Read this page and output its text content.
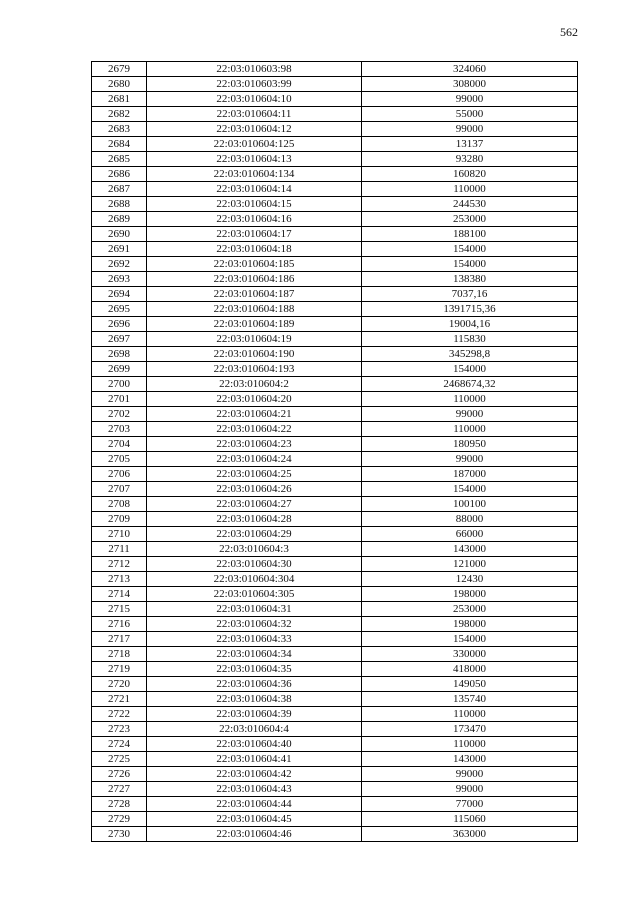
562
2679	22:03:010603:98	324060
2680	22:03:010603:99	308000
2681	22:03:010604:10	99000
2682	22:03:010604:11	55000
2683	22:03:010604:12	99000
2684	22:03:010604:125	13137
2685	22:03:010604:13	93280
2686	22:03:010604:134	160820
2687	22:03:010604:14	110000
2688	22:03:010604:15	244530
2689	22:03:010604:16	253000
2690	22:03:010604:17	188100
2691	22:03:010604:18	154000
2692	22:03:010604:185	154000
2693	22:03:010604:186	138380
2694	22:03:010604:187	7037,16
2695	22:03:010604:188	1391715,36
2696	22:03:010604:189	19004,16
2697	22:03:010604:19	115830
2698	22:03:010604:190	345298,8
2699	22:03:010604:193	154000
2700	22:03:010604:2	2468674,32
2701	22:03:010604:20	110000
2702	22:03:010604:21	99000
2703	22:03:010604:22	110000
2704	22:03:010604:23	180950
2705	22:03:010604:24	99000
2706	22:03:010604:25	187000
2707	22:03:010604:26	154000
2708	22:03:010604:27	100100
2709	22:03:010604:28	88000
2710	22:03:010604:29	66000
2711	22:03:010604:3	143000
2712	22:03:010604:30	121000
2713	22:03:010604:304	12430
2714	22:03:010604:305	198000
2715	22:03:010604:31	253000
2716	22:03:010604:32	198000
2717	22:03:010604:33	154000
2718	22:03:010604:34	330000
2719	22:03:010604:35	418000
2720	22:03:010604:36	149050
2721	22:03:010604:38	135740
2722	22:03:010604:39	110000
2723	22:03:010604:4	173470
2724	22:03:010604:40	110000
2725	22:03:010604:41	143000
2726	22:03:010604:42	99000
2727	22:03:010604:43	99000
2728	22:03:010604:44	77000
2729	22:03:010604:45	115060
2730	22:03:010604:46	363000
